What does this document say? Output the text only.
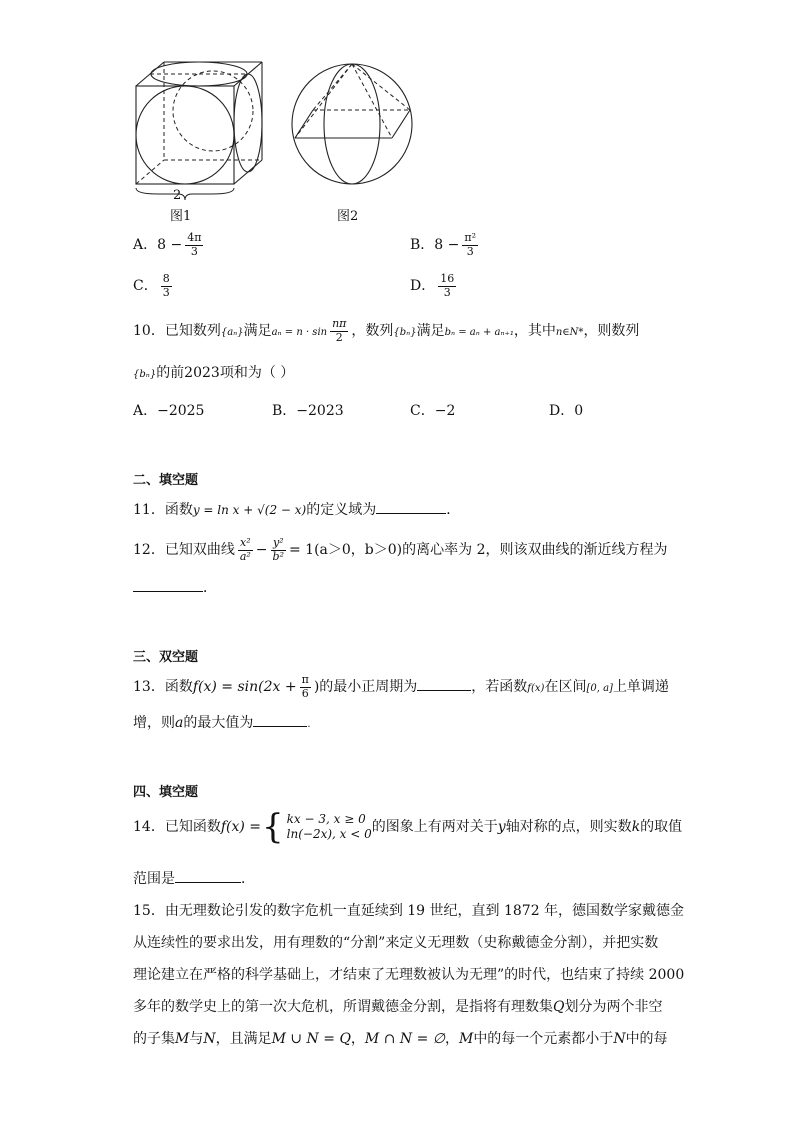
2
图1	图2
A．$8 - \frac{4\pi}{3}$	B．$8 - \frac{\text{π²}}{3}$
C． $\frac{8}{3}$	D． $\frac{16}{3}$
10．已知数列{aₙ}满足$a_n = n \cdot \sin \frac{n\pi}{2}$ ，数列{bₙ}满足bₙ = aₙ + aₙ₊₁，其中n∈N*，则数列
{bₙ}的前2023项和为（ ）
A．−2025	B．−2023	C．−2	D．0
二、填空题
11．函数y = ln x + √(2 − x)的定义域为	．
12．已知双曲线 $\frac{\text{x²}}{\text{a²}} - \frac{\text{y²}}{\text{b²}} = 1(a>0$，b＞0)的离心率为 2，则该双曲线的渐近线方程为
．
三、双空题
13．函数$f(x) = \sin(2x + \frac{\pi}{6}$ )的最小正周期为	，若函数f(x)在区间[0, a]上单调递
增，则a的最大值为	.
四、填空题
14．已知函数f(x) ={ kx − 3, x ≥ 0
ln(−2x), x < 0 的图象上有两对关于y轴对称的点，则实数k的取值
范围是	．
15．由无理数论引发的数字危机一直延续到 19 世纪，直到 1872 年，德国数学家戴德金
从连续性的要求出发，用有理数的“分割”来定义无理数（史称戴德金分割），并把实数
理论建立在严格的科学基础上，才结束了无理数被认为无理”的时代，也结束了持续 2000
多年的数学史上的第一次大危机，所谓戴德金分割，是指将有理数集Q划分为两个非空
的子集M与N，且满足M ∪ N = Q，M ∩ N = ∅，M中的每一个元素都小于N中的每
